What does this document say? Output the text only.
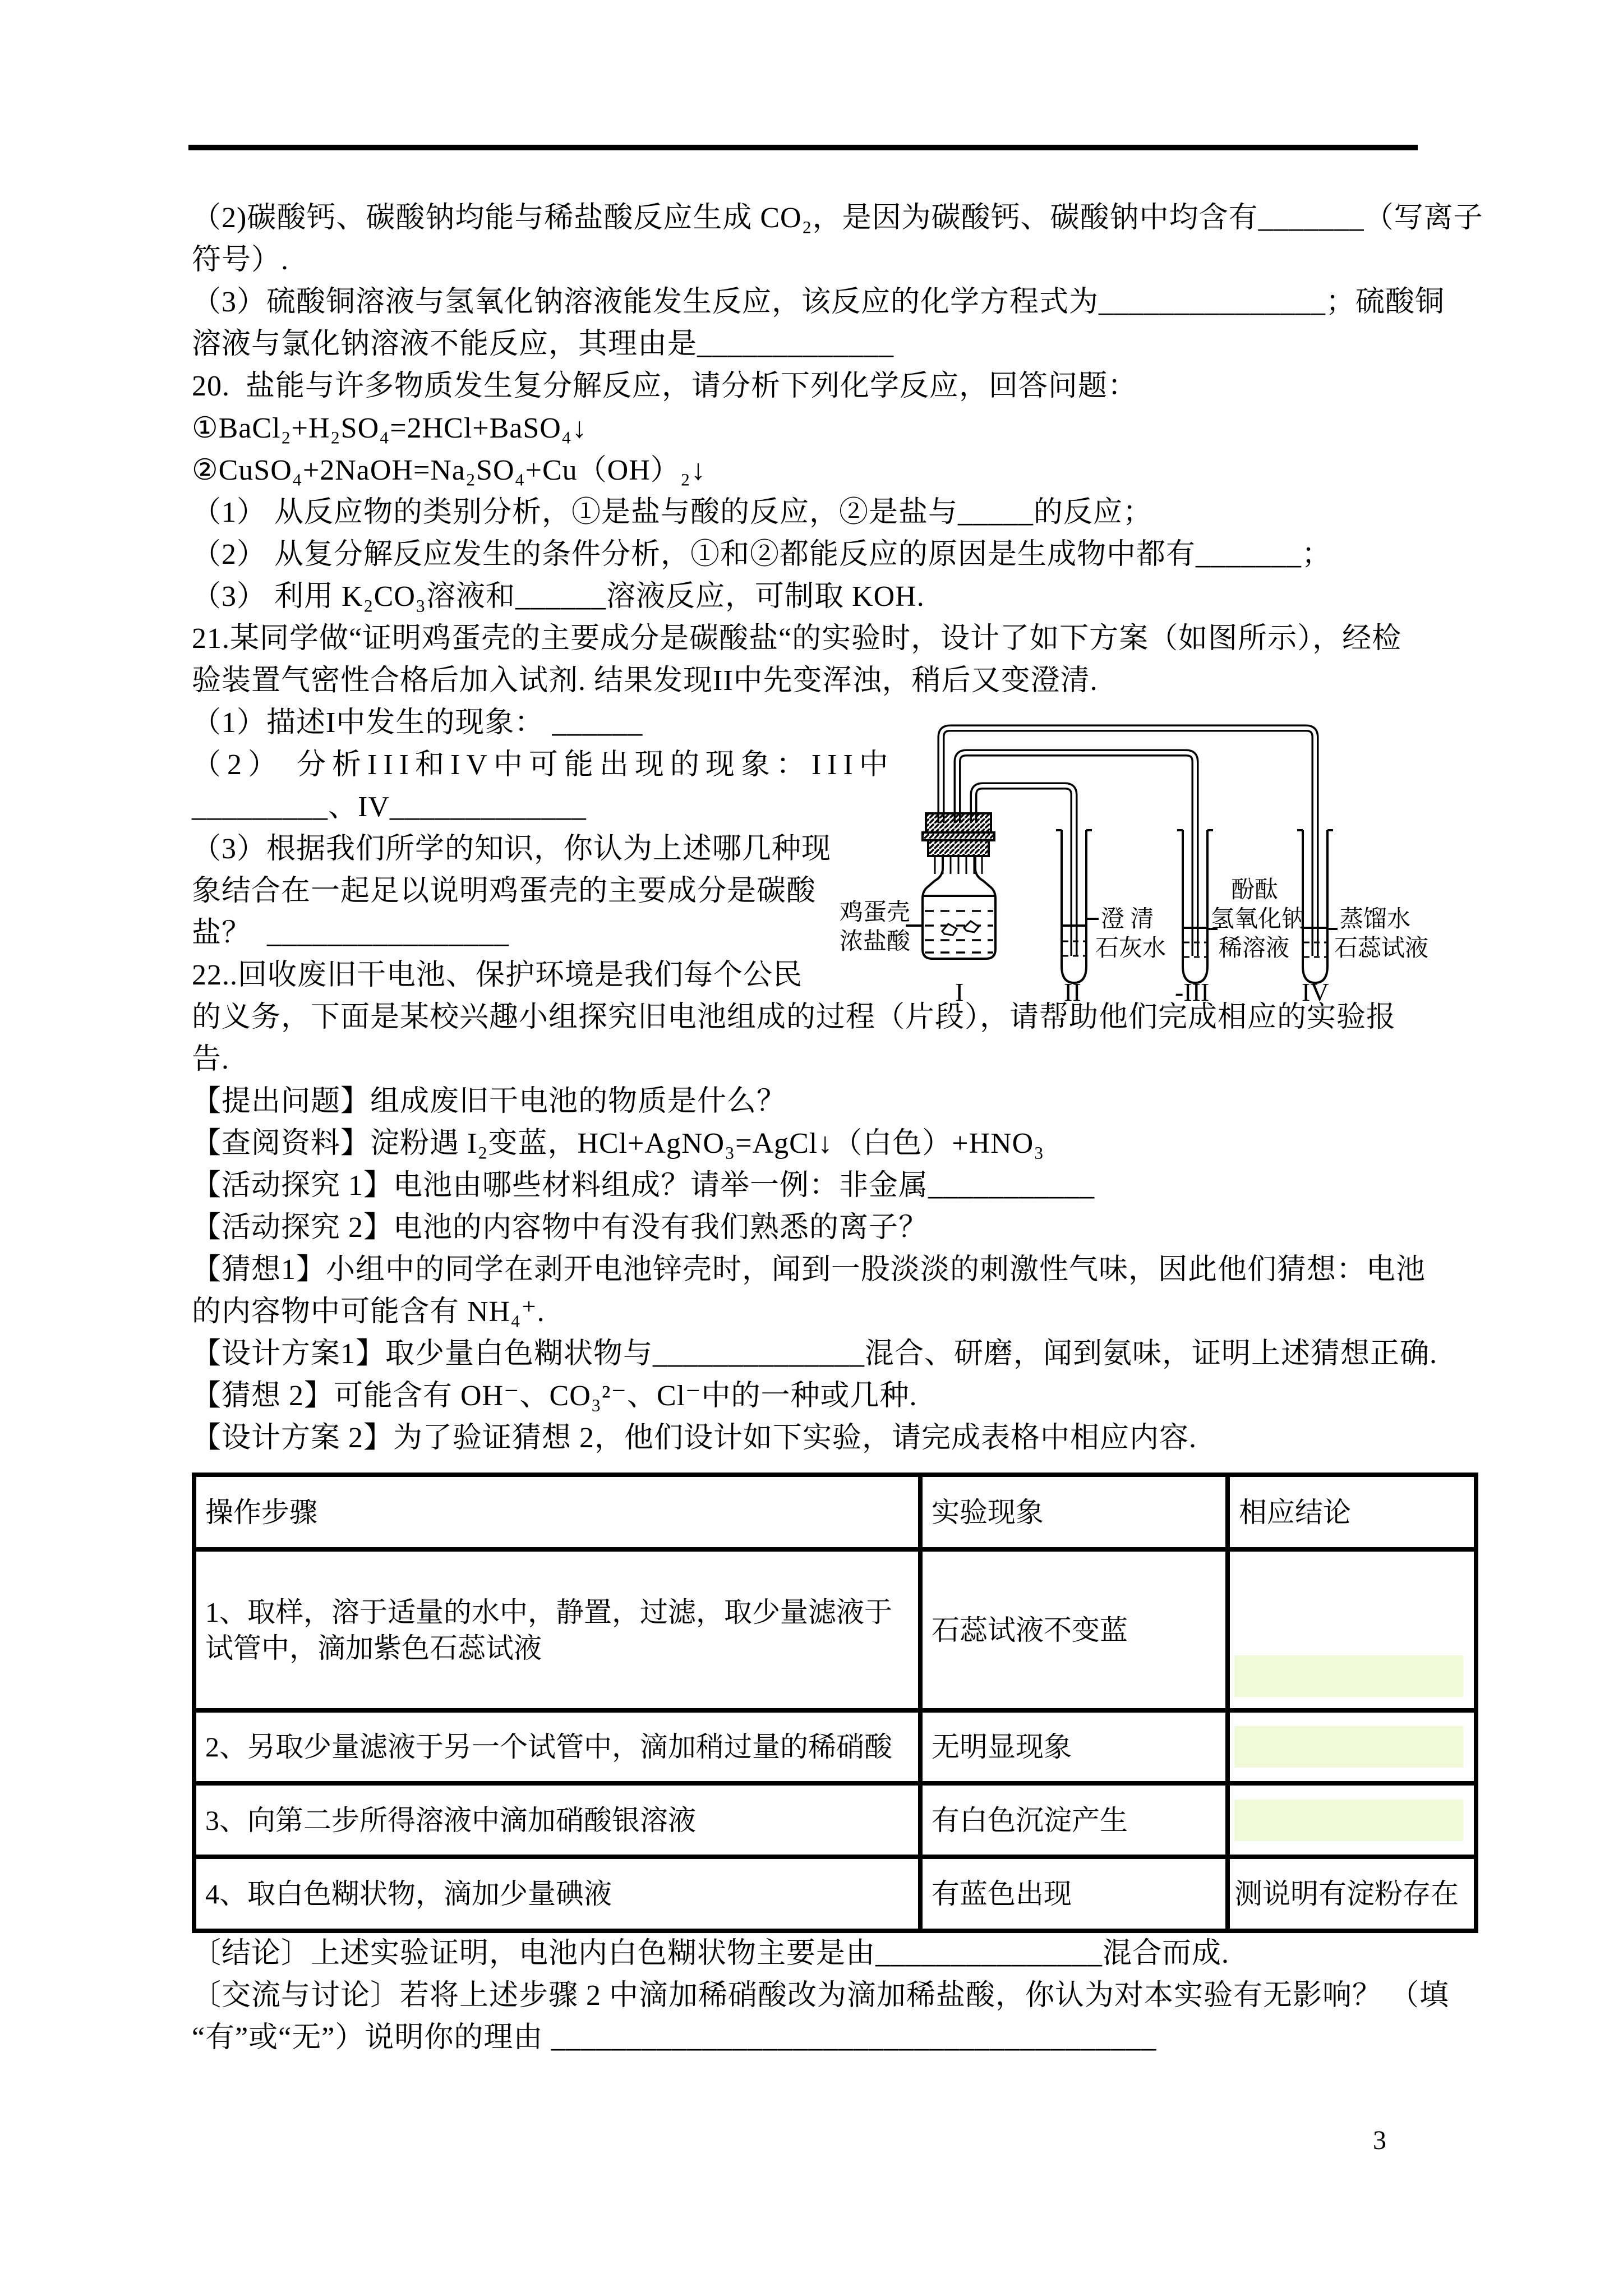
（2)碳酸钙、碳酸钠均能与稀盐酸反应生成 CO₂，是因为碳酸钙、碳酸钠中均含有_______（写离子
符号）.
（3）硫酸铜溶液与氢氧化钠溶液能发生反应，该反应的化学方程式为_______________；硫酸铜
溶液与氯化钠溶液不能反应，其理由是_____________
20.  盐能与许多物质发生复分解反应，请分析下列化学反应，回答问题：
①BaCl₂+H₂SO₄=2HCl+BaSO₄↓
②CuSO₄+2NaOH=Na₂SO₄+Cu（OH）₂↓
（1） 从反应物的类别分析，①是盐与酸的反应，②是盐与_____的反应；
（2） 从复分解反应发生的条件分析，①和②都能反应的原因是生成物中都有_______；
（3） 利用 K₂CO₃溶液和______溶液反应，可制取 KOH.
21.某同学做“证明鸡蛋壳的主要成分是碳酸盐“的实验时，设计了如下方案（如图所示），经检
验装置气密性合格后加入试剂. 结果发现II中先变浑浊，稍后又变澄清.
（1）描述I中发生的现象： ______
（2） 分析III和IV中可能出现的现象：III中
_________、IV_____________
（3）根据我们所学的知识，你认为上述哪几种现
象结合在一起足以说明鸡蛋壳的主要成分是碳酸
盐？  ________________
22..回收废旧干电池、保护环境是我们每个公民
的义务，下面是某校兴趣小组探究旧电池组成的过程（片段），请帮助他们完成相应的实验报
告.
【提出问题】组成废旧干电池的物质是什么？
【查阅资料】淀粉遇 I₂变蓝，HCl+AgNO₃=AgCl↓（白色）+HNO₃
【活动探究 1】电池由哪些材料组成？请举一例：非金属___________
【活动探究 2】电池的内容物中有没有我们熟悉的离子？
【猜想1】小组中的同学在剥开电池锌壳时，闻到一股淡淡的刺激性气味，因此他们猜想：电池
的内容物中可能含有 NH₄⁺.
【设计方案1】取少量白色糊状物与______________混合、研磨，闻到氨味，证明上述猜想正确.
【猜想 2】可能含有 OH⁻、CO₃²⁻、Cl⁻中的一种或几种.
【设计方案 2】为了验证猜想 2，他们设计如下实验，请完成表格中相应内容.
鸡蛋壳
浓盐酸
澄 清
石灰水
酚酞
氢氧化钠
稀溶液
蒸馏水
石蕊试液
I	II	-III	IV
操作步骤	实验现象	相应结论
1、取样，溶于适量的水中，静置，过滤，取少量滤液于试管中，滴加紫色石蕊试液	石蕊试液不变蓝	

2、另取少量滤液于另一个试管中，滴加稍过量的稀硝酸	无明显现象	

3、向第二步所得溶液中滴加硝酸银溶液	有白色沉淀产生	

4、取白色糊状物，滴加少量碘液	有蓝色出现	测说明有淀粉存在
〔结论〕上述实验证明，电池内白色糊状物主要是由_______________混合而成.
〔交流与讨论〕若将上述步骤 2 中滴加稀硝酸改为滴加稀盐酸，你认为对本实验有无影响？ （填
“有”或“无”）说明你的理由 ________________________________________
3
